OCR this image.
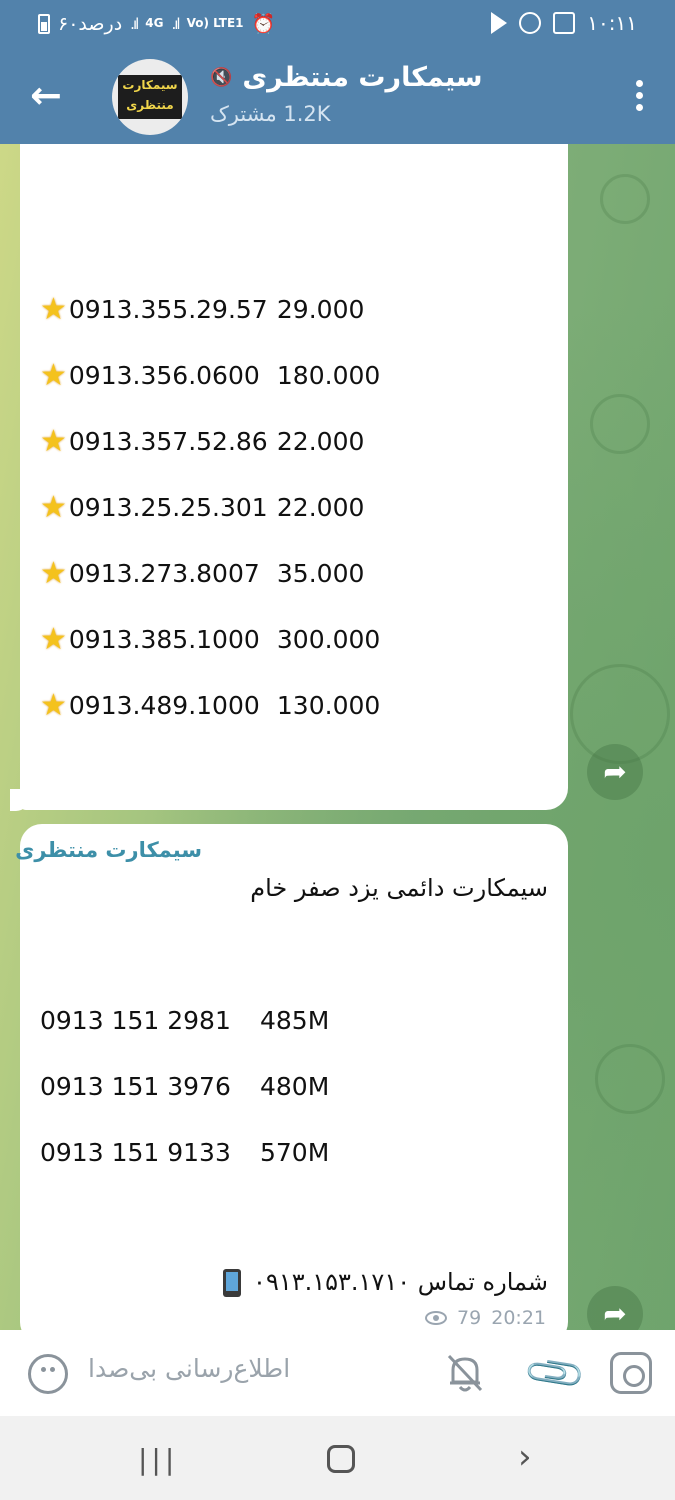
۶۰درصد .ıl 4G .ıl Vo) LTE1 ⏰	۱۰:۱۱
←	سیمکارت
منتظری
سیمکارت منتظری
🔇
1.2K مشترک
★ 0913.355.29.57 29.000
★ 0913.356.0600 180.000
★ 0913.357.52.86 22.000
★ 0913.25.25.301 22.000
★ 0913.273.8007 35.000
★ 0913.385.1000 300.000
★ 0913.489.1000 130.000
➦
سیمکارت منتظری
سیمکارت دائمی یزد صفر خام
0913 151 2981	485M
0913 151 3976	480M
0913 151 9133	570M
شماره تماس ۰۹۱۳.۱۵۳.۱۷۱۰
79 20:21	➦
اطلاع‌رسانی بی‌صدا	📎
|||	›
